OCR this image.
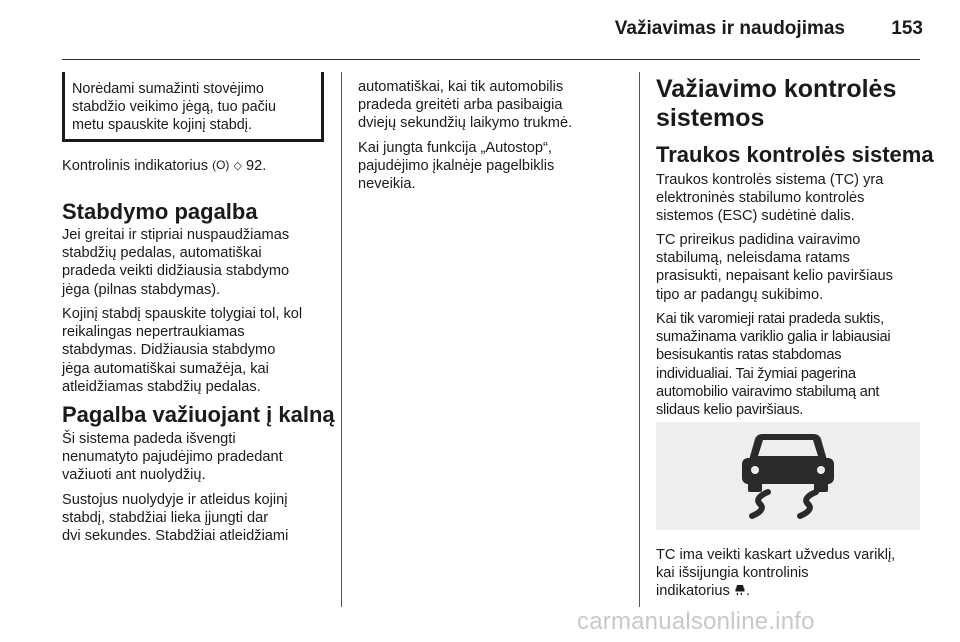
Važiavimas ir naudojimas 153

Norėdami sumažinti stovėjimo

stabdžio veikimo jėgą, tuo pačiu

metu spauskite kojinį stabdį.

Kontrolinis indikatorius (O) ◇ 92.

Stabdymo pagalba

Jei greitai ir stipriai nuspaudžiamas

stabdžių pedalas, automatiškai

pradeda veikti didžiausia stabdymo

jėga (pilnas stabdymas).

Kojinį stabdį spauskite tolygiai tol, kol

reikalingas nepertraukiamas

stabdymas. Didžiausia stabdymo

jėga automatiškai sumažėja, kai

atleidžiamas stabdžių pedalas.

Pagalba važiuojant į kalną

Ši sistema padeda išvengti

nenumatyto pajudėjimo pradedant

važiuoti ant nuolydžių.

Sustojus nuolydyje ir atleidus kojinį

stabdį, stabdžiai lieka įjungti dar

dvi sekundes. Stabdžiai atleidžiami

automatiškai, kai tik automobilis

pradeda greitėti arba pasibaigia

dviejų sekundžių laikymo trukmė.

Kai jungta funkcija „Autostop“,

pajudėjimo įkalnėje pagelbiklis

neveikia.

Važiavimo kontrolės
sistemos
Traukos kontrolės sistema

Traukos kontrolės sistema (TC) yra

elektroninės stabilumo kontrolės

sistemos (ESC) sudėtinė dalis.

TC prireikus padidina vairavimo

stabilumą, neleisdama ratams

prasisukti, nepaisant kelio paviršiaus

tipo ar padangų sukibimo.

Kai tik varomieji ratai pradeda suktis,

sumažinama variklio galia ir labiausiai

besisukantis ratas stabdomas

individualiai. Tai žymiai pagerina

automobilio vairavimo stabilumą ant

slidaus kelio paviršiaus.

TC ima veikti kaskart užvedus variklį,

kai išsijungia kontrolinis

indikatorius .

carmanualsonline.info
